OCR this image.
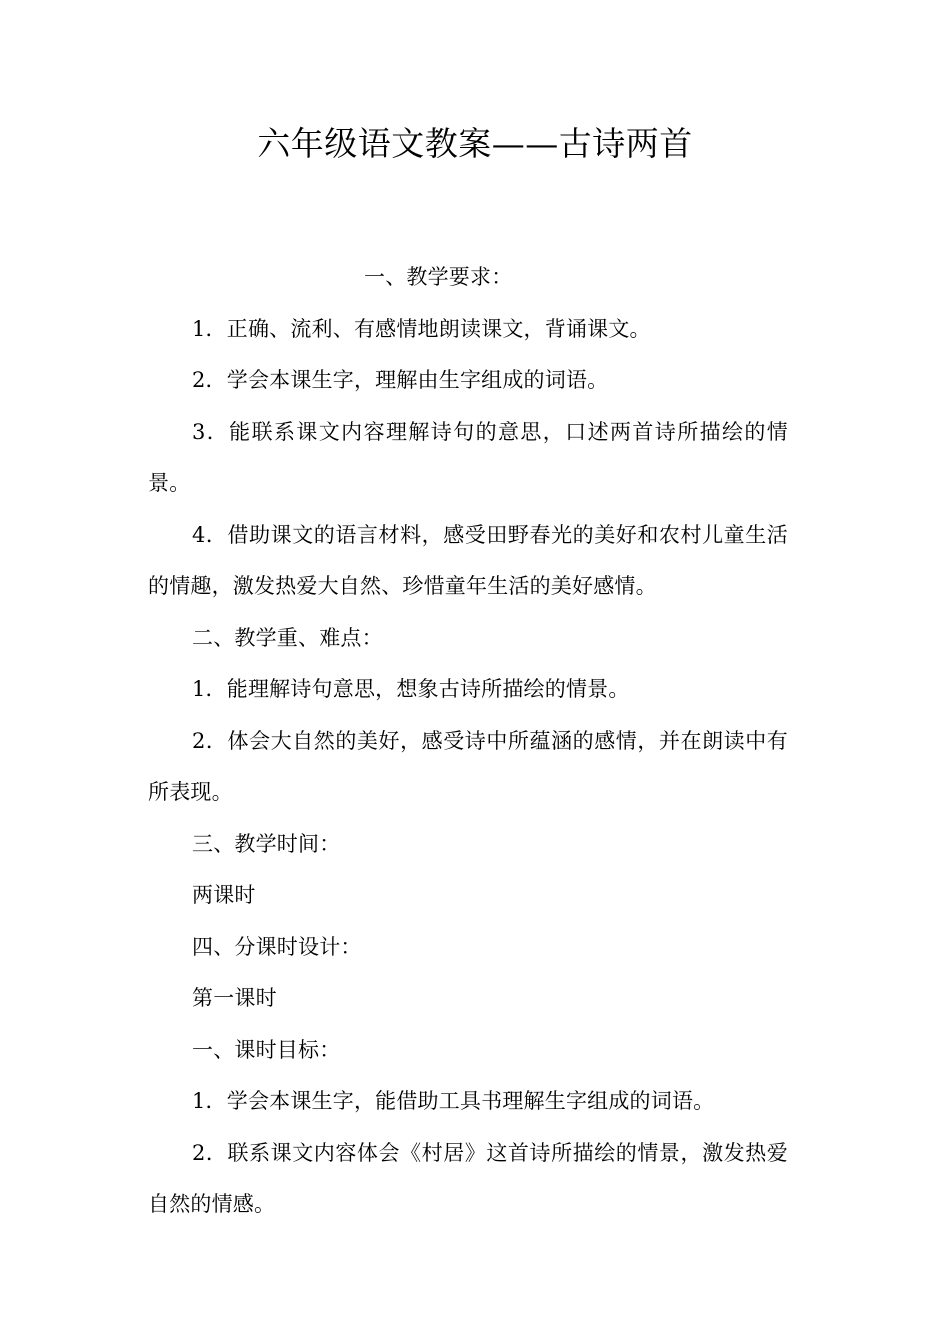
六年级语文教案——古诗两首

一、教学要求：

1．正确、流利、有感情地朗读课文，背诵课文。

2．学会本课生字，理解由生字组成的词语。

3．能联系课文内容理解诗句的意思，口述两首诗所描绘的情景。

4．借助课文的语言材料，感受田野春光的美好和农村儿童生活的情趣，激发热爱大自然、珍惜童年生活的美好感情。

二、教学重、难点：

1．能理解诗句意思，想象古诗所描绘的情景。

2．体会大自然的美好，感受诗中所蕴涵的感情，并在朗读中有所表现。

三、教学时间：

两课时

四、分课时设计：

第一课时

一、课时目标：

1．学会本课生字，能借助工具书理解生字组成的词语。

2．联系课文内容体会《村居》这首诗所描绘的情景，激发热爱自然的情感。
